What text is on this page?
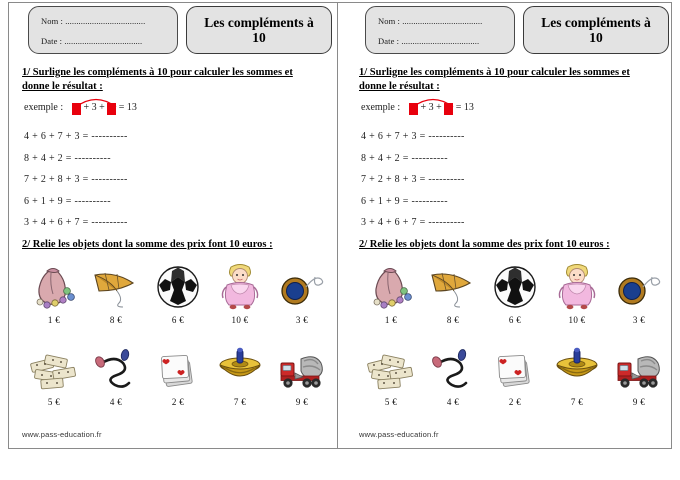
Nom : ....................................
Date : ...................................
Les compléments à
10
1/ Surligne les compléments à 10 pour calculer les sommes et donne le résultat :
exemple : 5 + 3 + 5 = 13
4 + 6 + 7 + 3 = ----------
8 + 4 + 2 = ----------
7 + 2 + 8 + 3 = ----------
6 + 1 + 9 = ----------
3 + 4 + 6 + 7 = ----------
2/ Relie les objets dont la somme des prix font 10 euros :
1 €	8 €	6 €	10 €	3 €
5 €	4 €	2 €	7 €	9 €
www.pass-education.fr
Nom : ....................................
Date : ...................................
Les compléments à
10
1/ Surligne les compléments à 10 pour calculer les sommes et donne le résultat :
exemple : 5 + 3 + 5 = 13
4 + 6 + 7 + 3 = ----------
8 + 4 + 2 = ----------
7 + 2 + 8 + 3 = ----------
6 + 1 + 9 = ----------
3 + 4 + 6 + 7 = ----------
2/ Relie les objets dont la somme des prix font 10 euros :
1 €	8 €	6 €	10 €	3 €
5 €	4 €	2 €	7 €	9 €
www.pass-education.fr
